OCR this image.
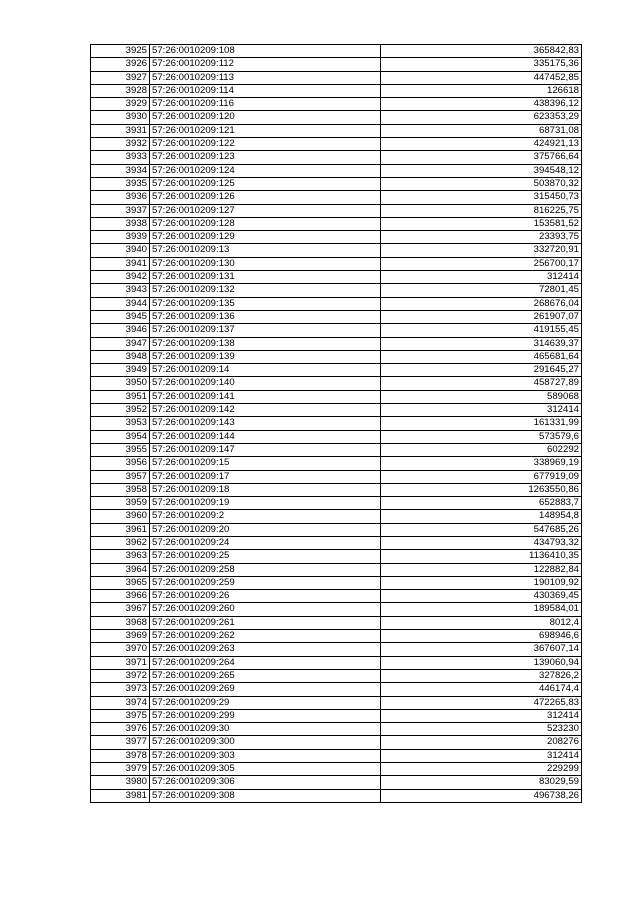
3925	57:26:0010209:108	365842,83
3926	57:26:0010209:112	335175,36
3927	57:26:0010209:113	447452,85
3928	57:26:0010209:114	126618
3929	57:26:0010209:116	438396,12
3930	57:26:0010209:120	623353,29
3931	57:26:0010209:121	68731,08
3932	57:26:0010209:122	424921,13
3933	57:26:0010209:123	375766,64
3934	57:26:0010209:124	394548,12
3935	57:26:0010209:125	503870,32
3936	57:26:0010209:126	315450,73
3937	57:26:0010209:127	816225,75
3938	57:26:0010209:128	153581,52
3939	57:26:0010209:129	23393,75
3940	57:26:0010209:13	332720,91
3941	57:26:0010209:130	256700,17
3942	57:26:0010209:131	312414
3943	57:26:0010209:132	72801,45
3944	57:26:0010209:135	268676,04
3945	57:26:0010209:136	261907,07
3946	57:26:0010209:137	419155,45
3947	57:26:0010209:138	314639,37
3948	57:26:0010209:139	465681,64
3949	57:26:0010209:14	291645,27
3950	57:26:0010209:140	458727,89
3951	57:26:0010209:141	589068
3952	57:26:0010209:142	312414
3953	57:26:0010209:143	161331,99
3954	57:26:0010209:144	573579,6
3955	57:26:0010209:147	602292
3956	57:26:0010209:15	338969,19
3957	57:26:0010209:17	677919,09
3958	57:26:0010209:18	1263550,86
3959	57:26:0010209:19	652883,7
3960	57:26:0010209:2	148954,8
3961	57:26:0010209:20	547685,26
3962	57:26:0010209:24	434793,32
3963	57:26:0010209:25	1136410,35
3964	57:26:0010209:258	122882,84
3965	57:26:0010209:259	190109,92
3966	57:26:0010209:26	430369,45
3967	57:26:0010209:260	189584,01
3968	57:26:0010209:261	8012,4
3969	57:26:0010209:262	698946,6
3970	57:26:0010209:263	367607,14
3971	57:26:0010209:264	139060,94
3972	57:26:0010209:265	327826,2
3973	57:26:0010209:269	446174,4
3974	57:26:0010209:29	472265,83
3975	57:26:0010209:299	312414
3976	57:26:0010209:30	523230
3977	57:26:0010209:300	208276
3978	57:26:0010209:303	312414
3979	57:26:0010209:305	229299
3980	57:26:0010209:306	83029,59
3981	57:26:0010209:308	496738,26
